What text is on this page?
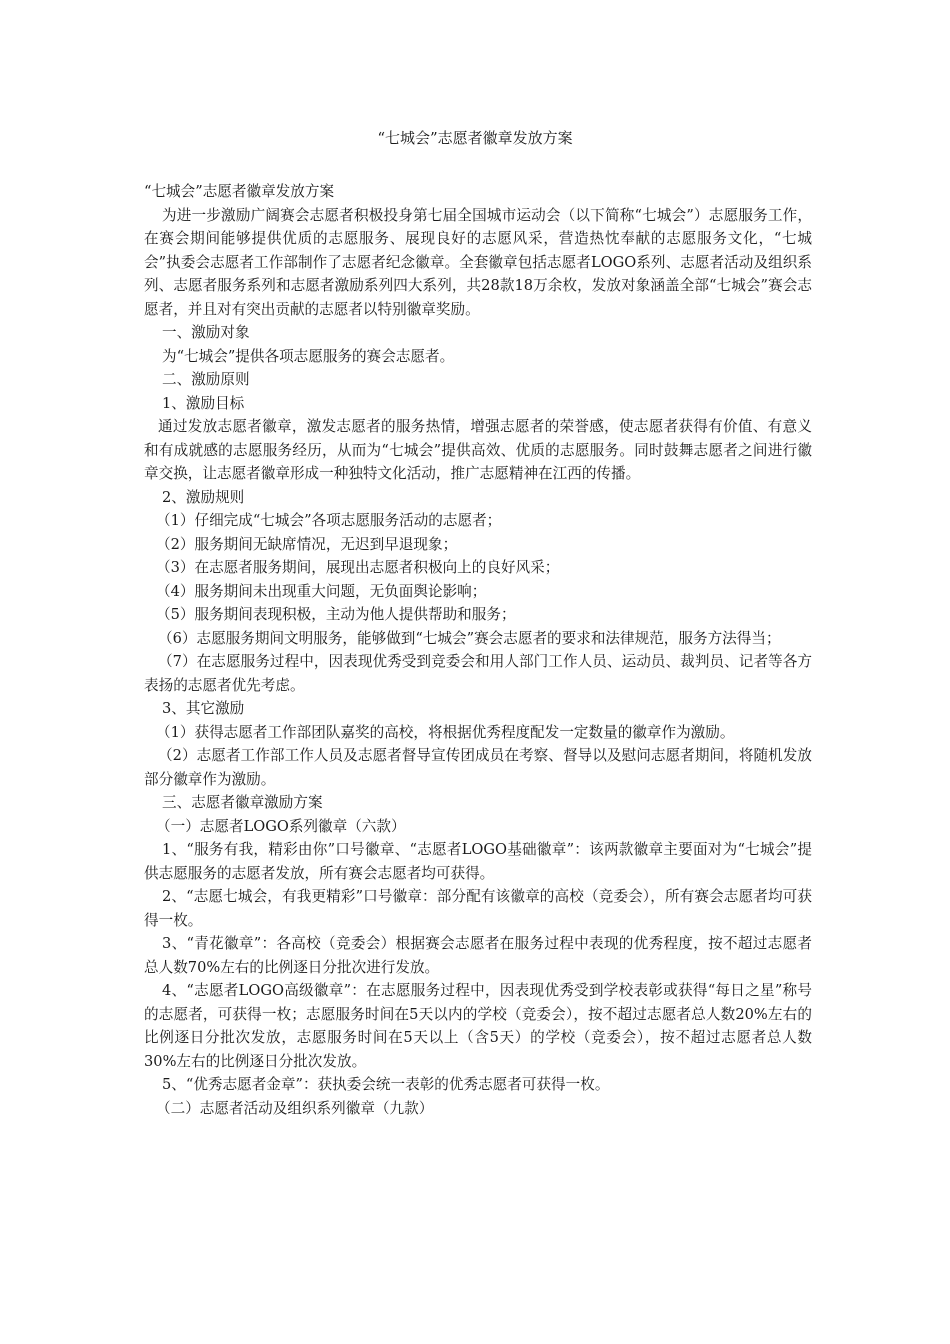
“七城会”志愿者徽章发放方案

“七城会”志愿者徽章发放方案

为进一步激励广阔赛会志愿者积极投身第七届全国城市运动会（以下简称“七城会”）志愿服务工作，在赛会期间能够提供优质的志愿服务、展现良好的志愿风采，营造热忱奉献的志愿服务文化，“七城会”执委会志愿者工作部制作了志愿者纪念徽章。全套徽章包括志愿者LOGO系列、志愿者活动及组织系列、志愿者服务系列和志愿者激励系列四大系列，共28款18万余枚，发放对象涵盖全部“七城会”赛会志愿者，并且对有突出贡献的志愿者以特别徽章奖励。

一、激励对象

为“七城会”提供各项志愿服务的赛会志愿者。

二、激励原则

1、激励目标

通过发放志愿者徽章，激发志愿者的服务热情，增强志愿者的荣誉感，使志愿者获得有价值、有意义和有成就感的志愿服务经历，从而为“七城会”提供高效、优质的志愿服务。同时鼓舞志愿者之间进行徽章交换，让志愿者徽章形成一种独特文化活动，推广志愿精神在江西的传播。

2、激励规则

（1）仔细完成“七城会”各项志愿服务活动的志愿者；

（2）服务期间无缺席情况，无迟到早退现象；

（3）在志愿者服务期间，展现出志愿者积极向上的良好风采；

（4）服务期间未出现重大问题，无负面舆论影响；

（5）服务期间表现积极，主动为他人提供帮助和服务；

（6）志愿服务期间文明服务，能够做到“七城会”赛会志愿者的要求和法律规范，服务方法得当；

（7）在志愿服务过程中，因表现优秀受到竞委会和用人部门工作人员、运动员、裁判员、记者等各方表扬的志愿者优先考虑。

3、其它激励

（1）获得志愿者工作部团队嘉奖的高校，将根据优秀程度配发一定数量的徽章作为激励。

（2）志愿者工作部工作人员及志愿者督导宣传团成员在考察、督导以及慰问志愿者期间，将随机发放部分徽章作为激励。

三、志愿者徽章激励方案

（一）志愿者LOGO系列徽章（六款）

1、“服务有我，精彩由你”口号徽章、“志愿者LOGO基础徽章”：该两款徽章主要面对为“七城会”提供志愿服务的志愿者发放，所有赛会志愿者均可获得。

2、“志愿七城会，有我更精彩”口号徽章：部分配有该徽章的高校（竞委会），所有赛会志愿者均可获得一枚。

3、“青花徽章”：各高校（竞委会）根据赛会志愿者在服务过程中表现的优秀程度，按不超过志愿者总人数70%左右的比例逐日分批次进行发放。

4、“志愿者LOGO高级徽章”：在志愿服务过程中，因表现优秀受到学校表彰或获得“每日之星”称号的志愿者，可获得一枚；志愿服务时间在5天以内的学校（竞委会），按不超过志愿者总人数20%左右的比例逐日分批次发放，志愿服务时间在5天以上（含5天）的学校（竞委会），按不超过志愿者总人数30%左右的比例逐日分批次发放。

5、“优秀志愿者金章”：获执委会统一表彰的优秀志愿者可获得一枚。

（二）志愿者活动及组织系列徽章（九款）
